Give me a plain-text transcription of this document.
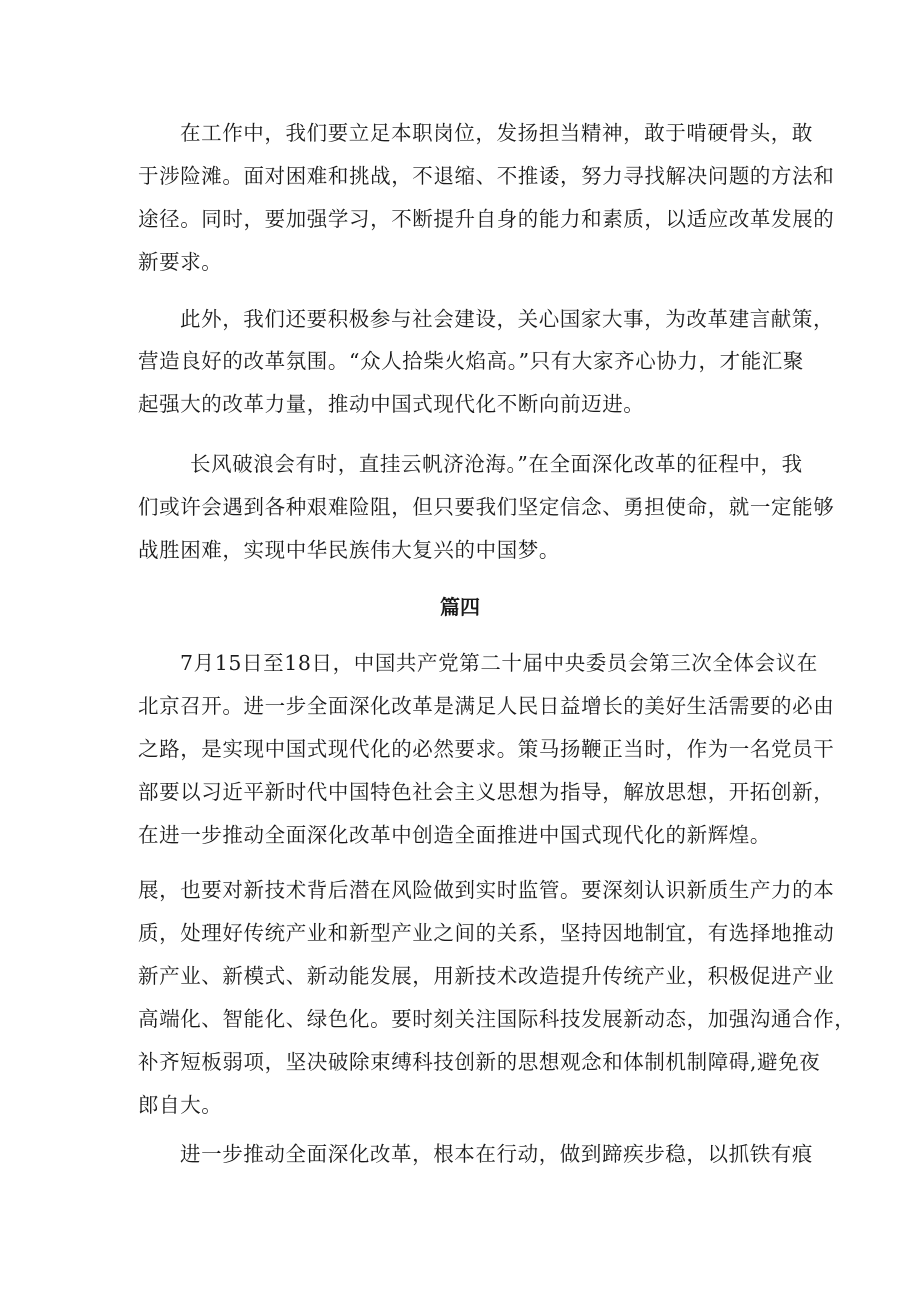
在工作中，我们要立足本职岗位，发扬担当精神，敢于啃硬骨头，敢
于涉险滩。面对困难和挑战，不退缩、不推诿，努力寻找解决问题的方法和
途径。同时，要加强学习，不断提升自身的能力和素质，以适应改革发展的
新要求。
此外，我们还要积极参与社会建设，关心国家大事，为改革建言献策，
营造良好的改革氛围。“众人拾柴火焰高。”只有大家齐心协力，才能汇聚
起强大的改革力量，推动中国式现代化不断向前迈进。
长风破浪会有时，直挂云帆济沧海。”在全面深化改革的征程中，我
们或许会遇到各种艰难险阻，但只要我们坚定信念、勇担使命，就一定能够
战胜困难，实现中华民族伟大复兴的中国梦。
篇四
7月15日至18日，中国共产党第二十届中央委员会第三次全体会议在
北京召开。进一步全面深化改革是满足人民日益增长的美好生活需要的必由
之路，是实现中国式现代化的必然要求。策马扬鞭正当时，作为一名党员干
部要以习近平新时代中国特色社会主义思想为指导，解放思想，开拓创新，
在进一步推动全面深化改革中创造全面推进中国式现代化的新辉煌。
展，也要对新技术背后潜在风险做到实时监管。要深刻认识新质生产力的本
质，处理好传统产业和新型产业之间的关系，坚持因地制宜，有选择地推动
新产业、新模式、新动能发展，用新技术改造提升传统产业，积极促进产业
高端化、智能化、绿色化。要时刻关注国际科技发展新动态，加强沟通合作，
补齐短板弱项，坚决破除束缚科技创新的思想观念和体制机制障碍,避免夜
郎自大。
进一步推动全面深化改革，根本在行动，做到蹄疾步稳，以抓铁有痕
